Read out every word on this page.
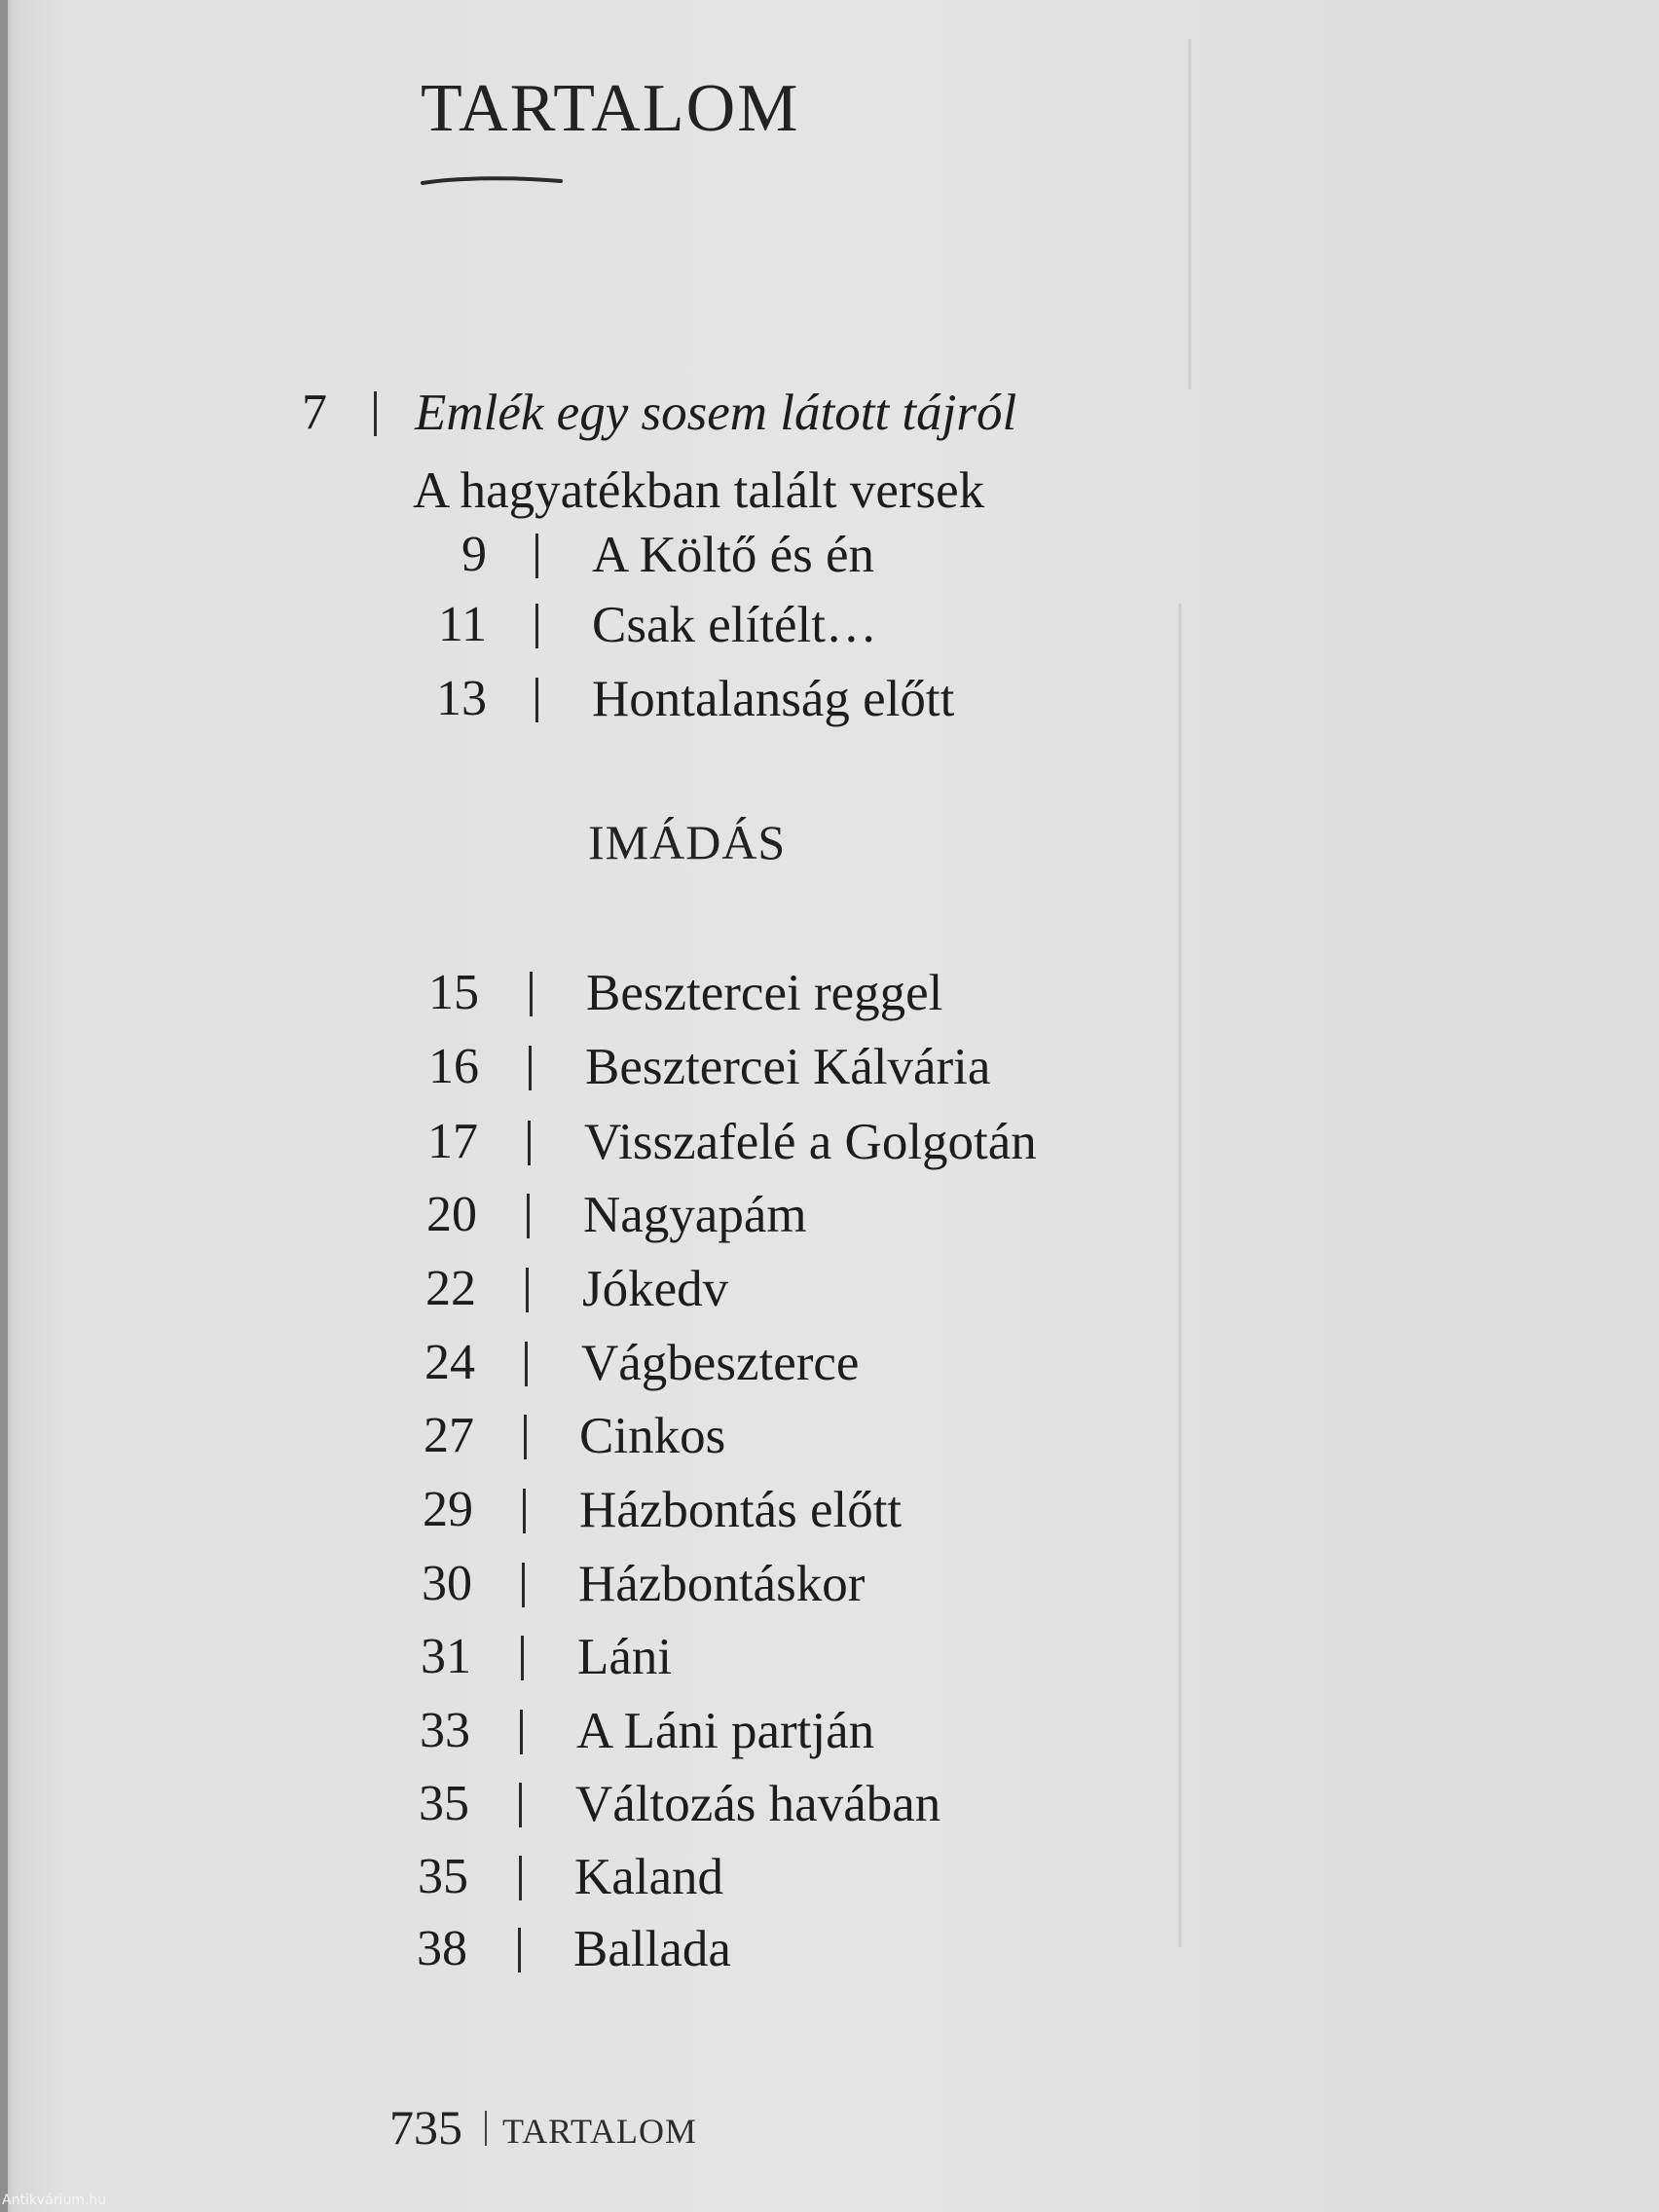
TARTALOM
7 Emlék egy sosem látott tájról
A hagyatékban talált versek
9 A Költő és én
11 Csak elítélt…
13 Hontalanság előtt
IMÁDÁS
15 Besztercei reggel
16 Besztercei Kálvária
17 Visszafelé a Golgotán
20 Nagyapám
22 Jókedv
24 Vágbeszterce
27 Cinkos
29 Házbontás előtt
30 Házbontáskor
31 Láni
33 A Láni partján
35 Változás havában
35 Kaland
38 Ballada
735 TARTALOM
Antikvárium.hu
